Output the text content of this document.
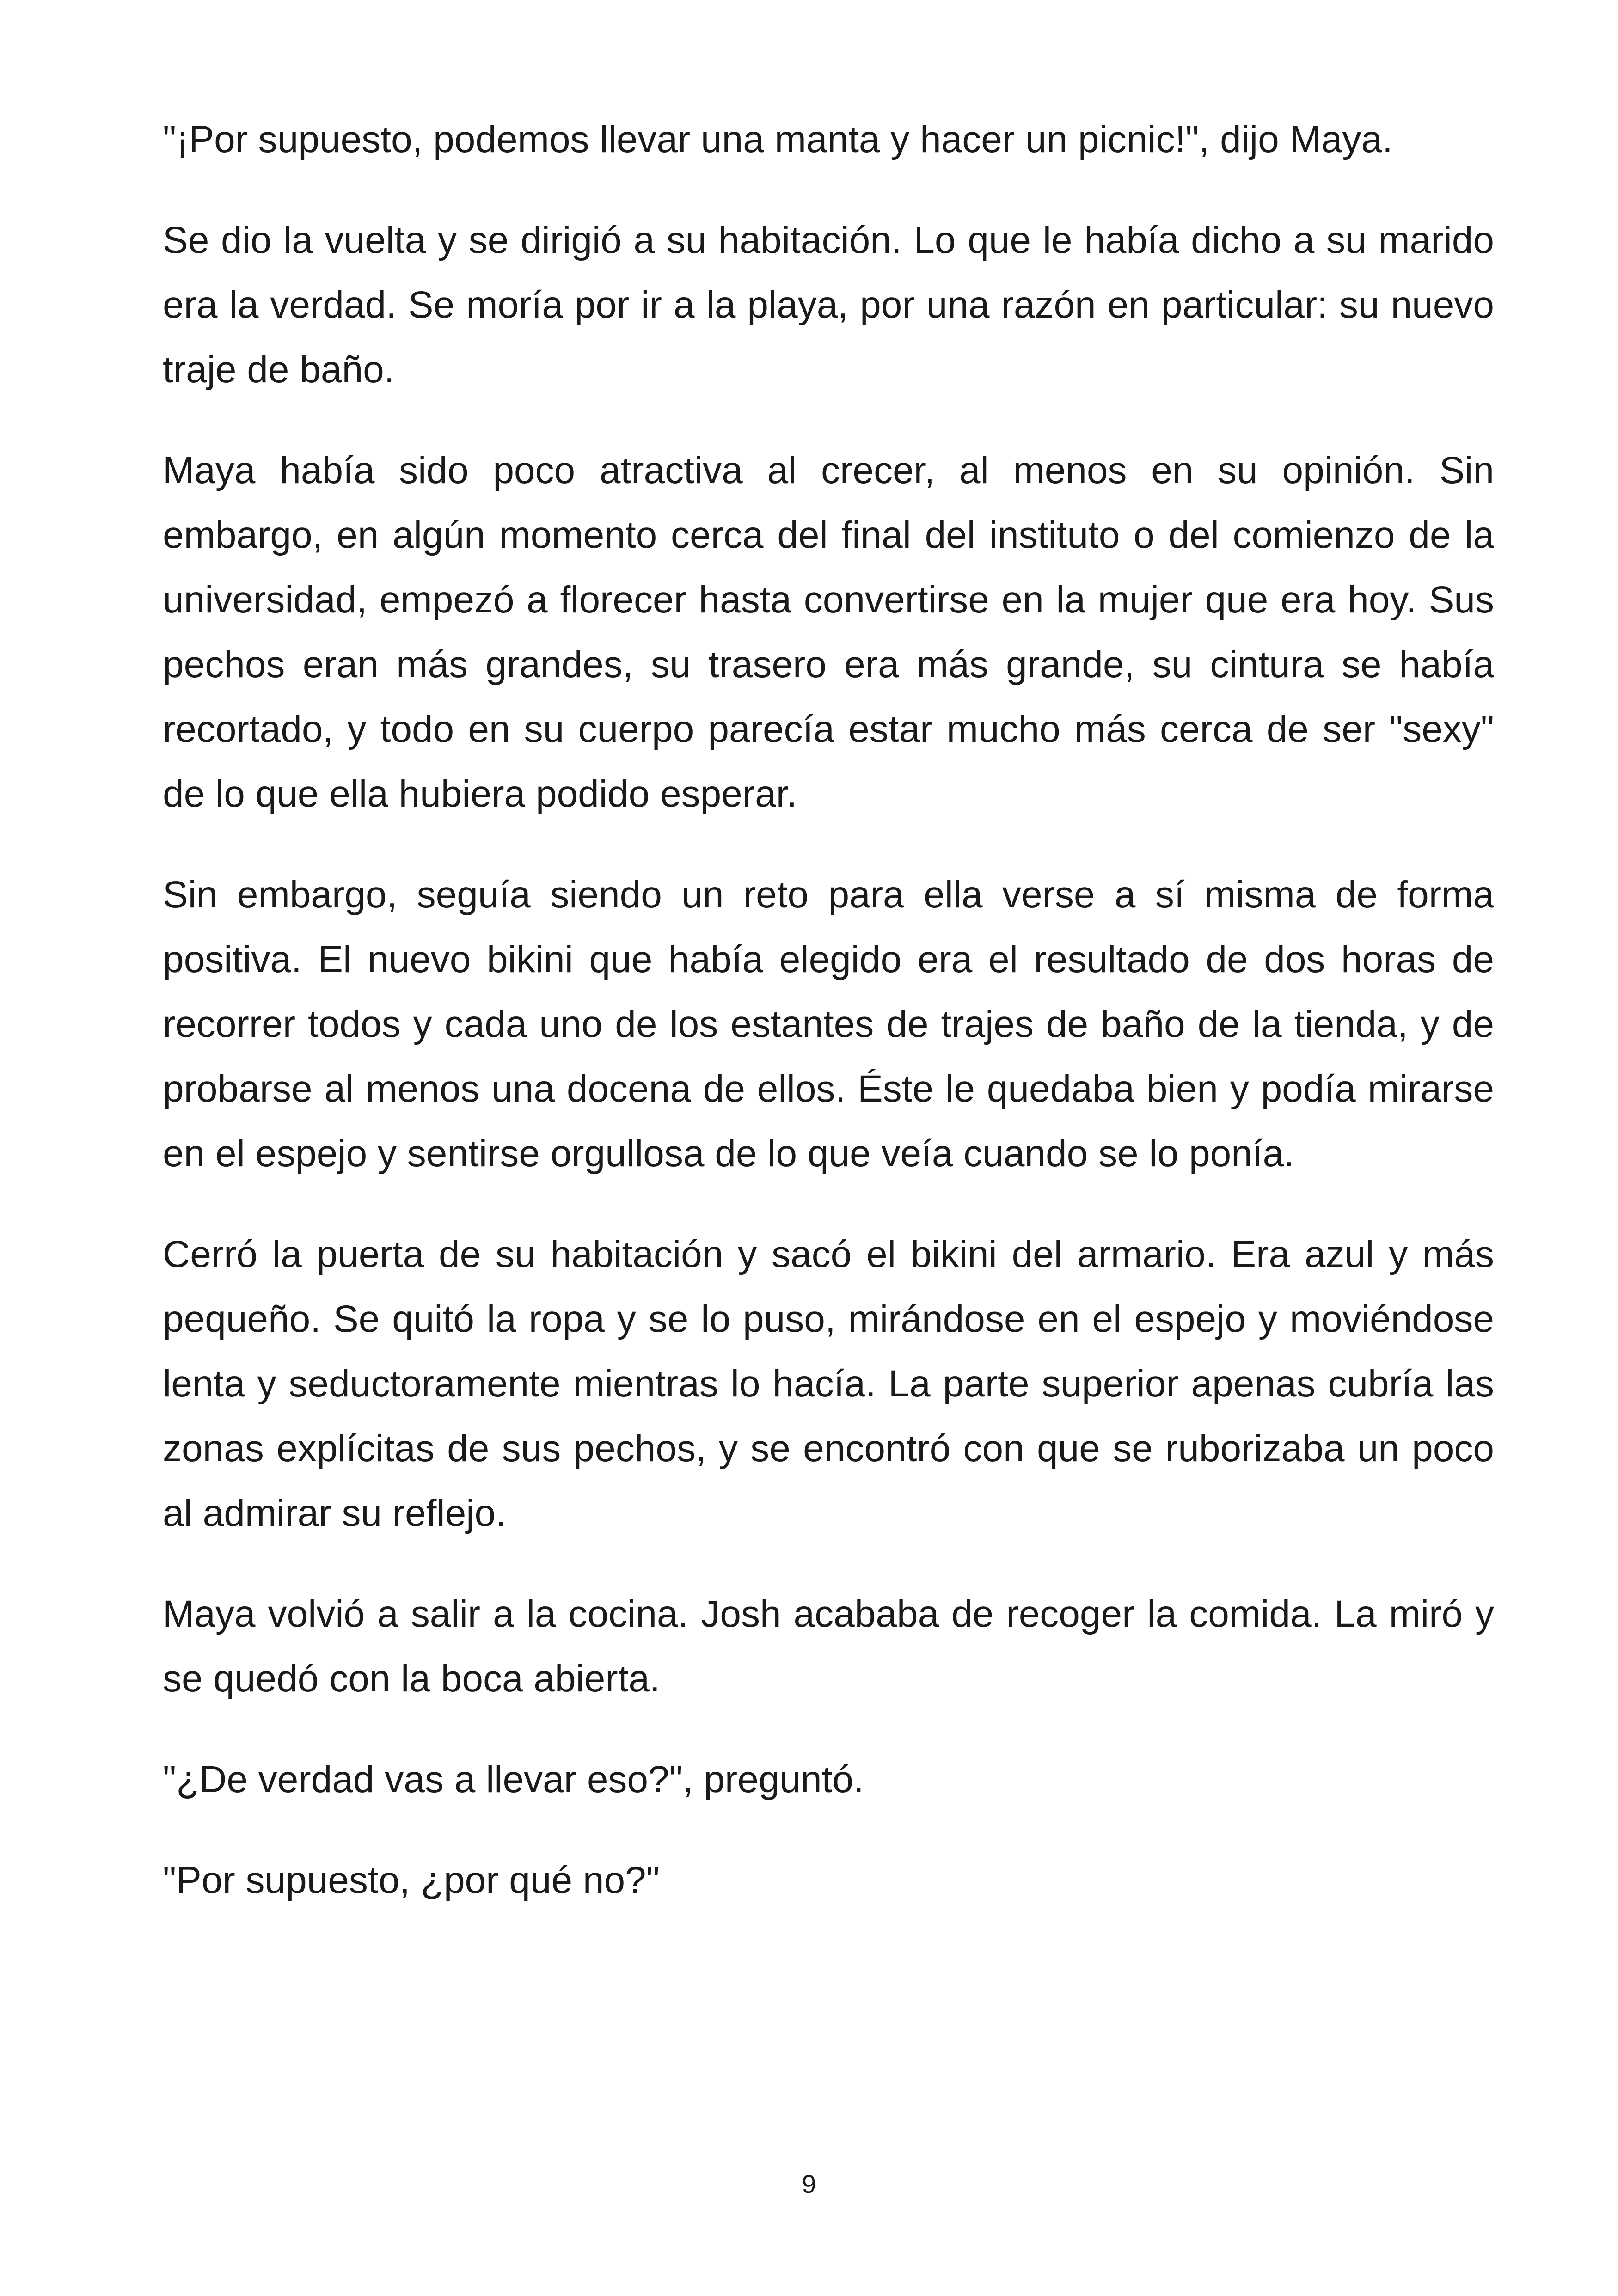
"¡Por supuesto, podemos llevar una manta y hacer un picnic!", dijo Maya.

Se dio la vuelta y se dirigió a su habitación. Lo que le había dicho a su marido era la verdad. Se moría por ir a la playa, por una razón en particular: su nuevo traje de baño.

Maya había sido poco atractiva al crecer, al menos en su opinión. Sin embargo, en algún momento cerca del final del instituto o del comienzo de la universidad, empezó a florecer hasta convertirse en la mujer que era hoy. Sus pechos eran más grandes, su trasero era más grande, su cintura se había recortado, y todo en su cuerpo parecía estar mucho más cerca de ser "sexy" de lo que ella hubiera podido esperar.

Sin embargo, seguía siendo un reto para ella verse a sí misma de forma positiva. El nuevo bikini que había elegido era el resultado de dos horas de recorrer todos y cada uno de los estantes de trajes de baño de la tienda, y de probarse al menos una docena de ellos. Éste le quedaba bien y podía mirarse en el espejo y sentirse orgullosa de lo que veía cuando se lo ponía.

Cerró la puerta de su habitación y sacó el bikini del armario. Era azul y más pequeño. Se quitó la ropa y se lo puso, mirándose en el espejo y moviéndose lenta y seductoramente mientras lo hacía. La parte superior apenas cubría las zonas explícitas de sus pechos, y se encontró con que se ruborizaba un poco al admirar su reflejo.

Maya volvió a salir a la cocina. Josh acababa de recoger la comida. La miró y se quedó con la boca abierta.

"¿De verdad vas a llevar eso?", preguntó.

"Por supuesto, ¿por qué no?"

9
